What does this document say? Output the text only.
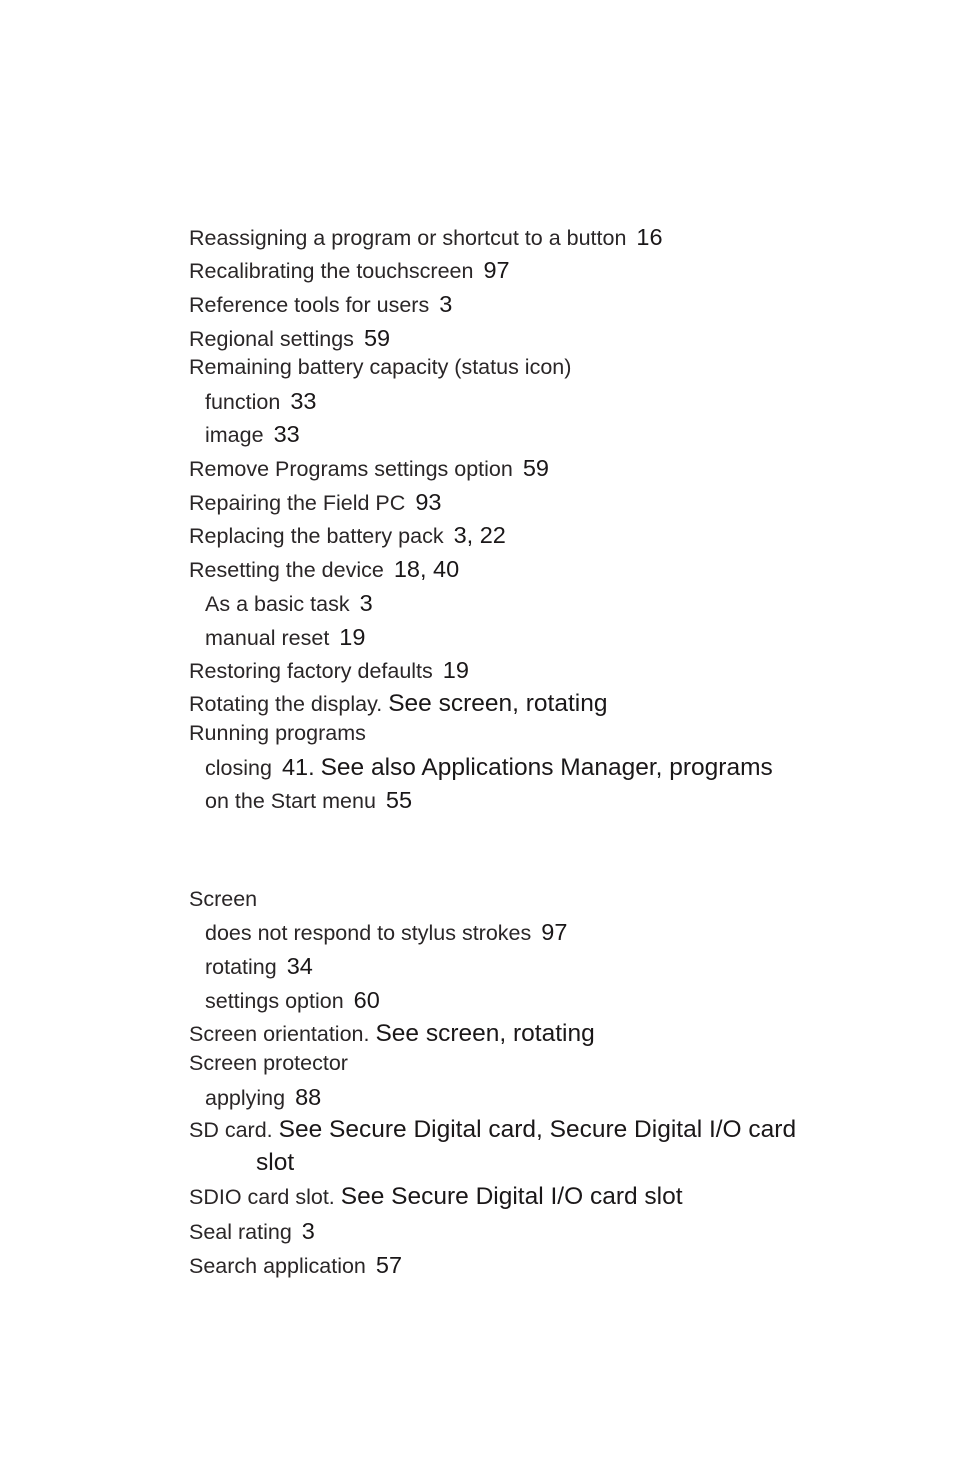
Reassigning a program or shortcut to a button 16
Recalibrating the touchscreen 97
Reference tools for users 3
Regional settings 59
Remaining battery capacity (status icon)
function 33
image 33
Remove Programs settings option 59
Repairing the Field PC 93
Replacing the battery pack 3, 22
Resetting the device 18, 40
As a basic task 3
manual reset 19
Restoring factory defaults 19
Rotating the display. See screen, rotating
Running programs
closing 41. See also Applications Manager, programs
on the Start menu 55
Screen
does not respond to stylus strokes 97
rotating 34
settings option 60
Screen orientation. See screen, rotating
Screen protector
applying 88
SD card. See Secure Digital card, Secure Digital I/O card
slot
SDIO card slot. See Secure Digital I/O card slot
Seal rating 3
Search application 57
